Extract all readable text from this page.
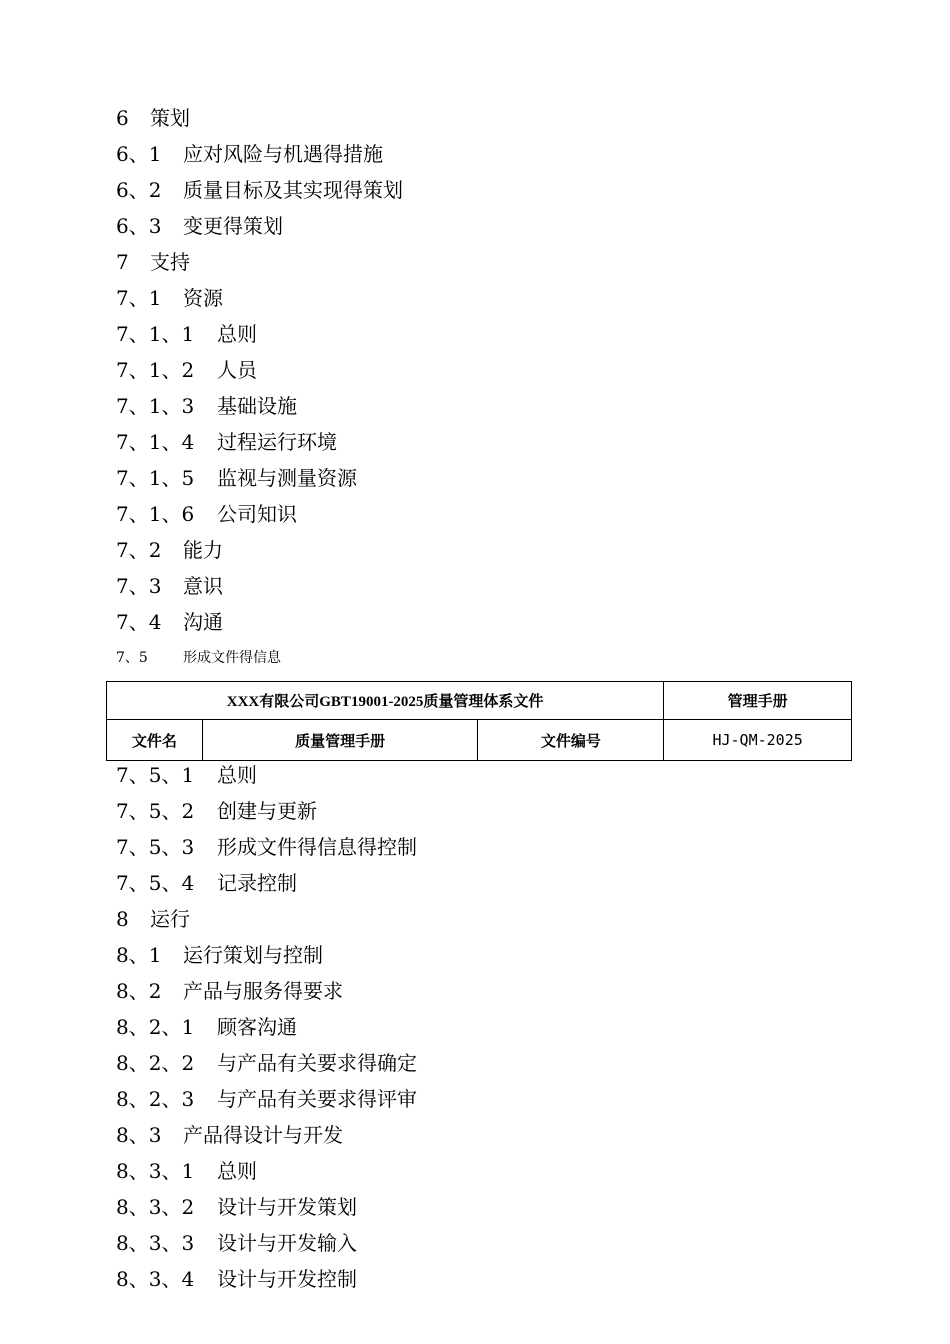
6 策划
6、1 应对风险与机遇得措施
6、2 质量目标及其实现得策划
6、3 变更得策划
7 支持
7、1 资源
7、1、1 总则
7、1、2 人员
7、1、3 基础设施
7、1、4 过程运行环境
7、1、5 监视与测量资源
7、1、6 公司知识
7、2 能力
7、3 意识
7、4 沟通
7、5	形成文件得信息
XXX有限公司GBT19001-2025质量管理体系文件			管理手册
文件名	质量管理手册	文件编号	HJ-QM-2025
7、5、1 总则
7、5、2 创建与更新
7、5、3 形成文件得信息得控制
7、5、4 记录控制
8 运行
8、1 运行策划与控制
8、2 产品与服务得要求
8、2、1 顾客沟通
8、2、2 与产品有关要求得确定
8、2、3 与产品有关要求得评审
8、3 产品得设计与开发
8、3、1 总则
8、3、2 设计与开发策划
8、3、3 设计与开发输入
8、3、4 设计与开发控制
